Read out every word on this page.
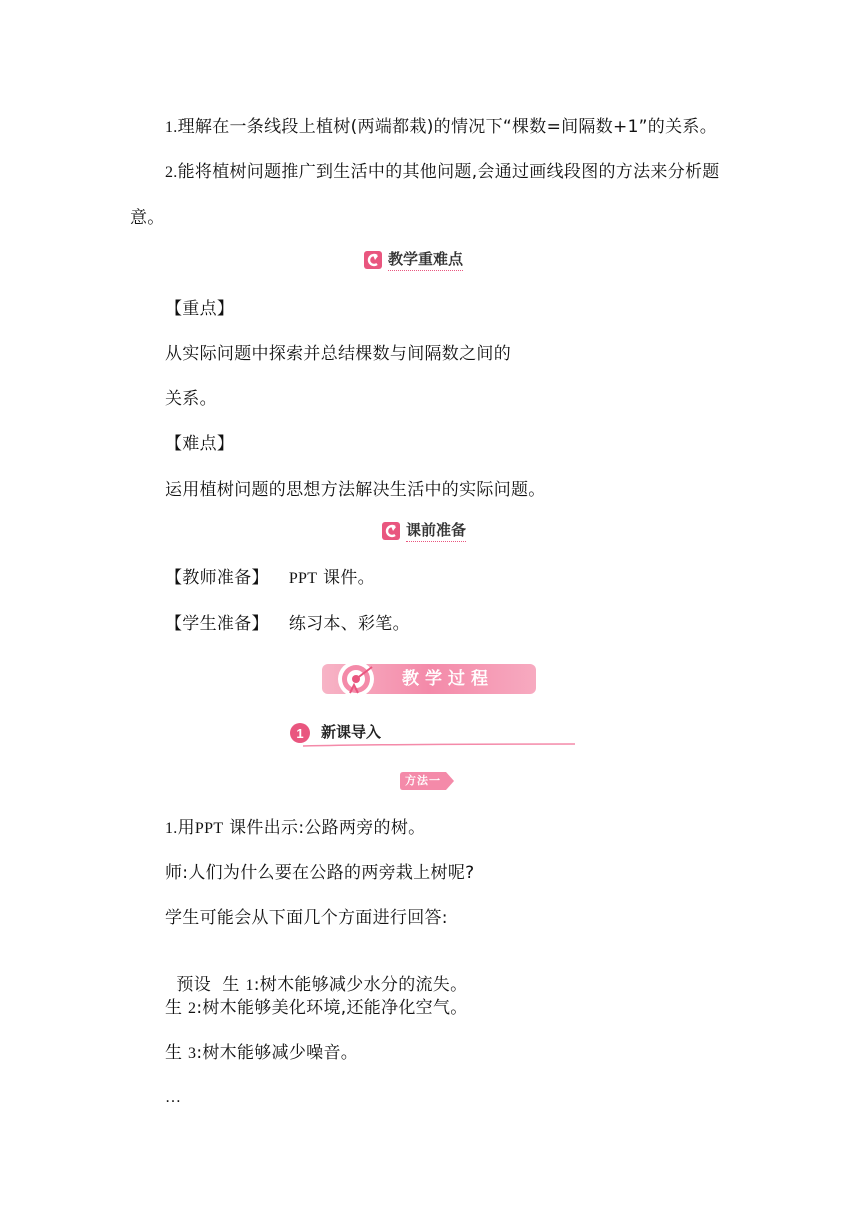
1.理解在一条线段上植树(两端都栽)的情况下“棵数=间隔数+1”的关系。
2.能将植树问题推广到生活中的其他问题,会通过画线段图的方法来分析题
意。
教学重难点
【重点】
从实际问题中探索并总结棵数与间隔数之间的
关系。
【难点】
运用植树问题的思想方法解决生活中的实际问题。
课前准备
【教师准备】 PPT 课件。
【学生准备】 练习本、彩笔。
教学过程
1 新课导入
方法一
1.用PPT 课件出示:公路两旁的树。
师:人们为什么要在公路的两旁栽上树呢?
学生可能会从下面几个方面进行回答:

预设  生 1:树木能够减少水分的流失。

生 2:树木能够美化环境,还能净化空气。
生 3:树木能够减少噪音。
…
